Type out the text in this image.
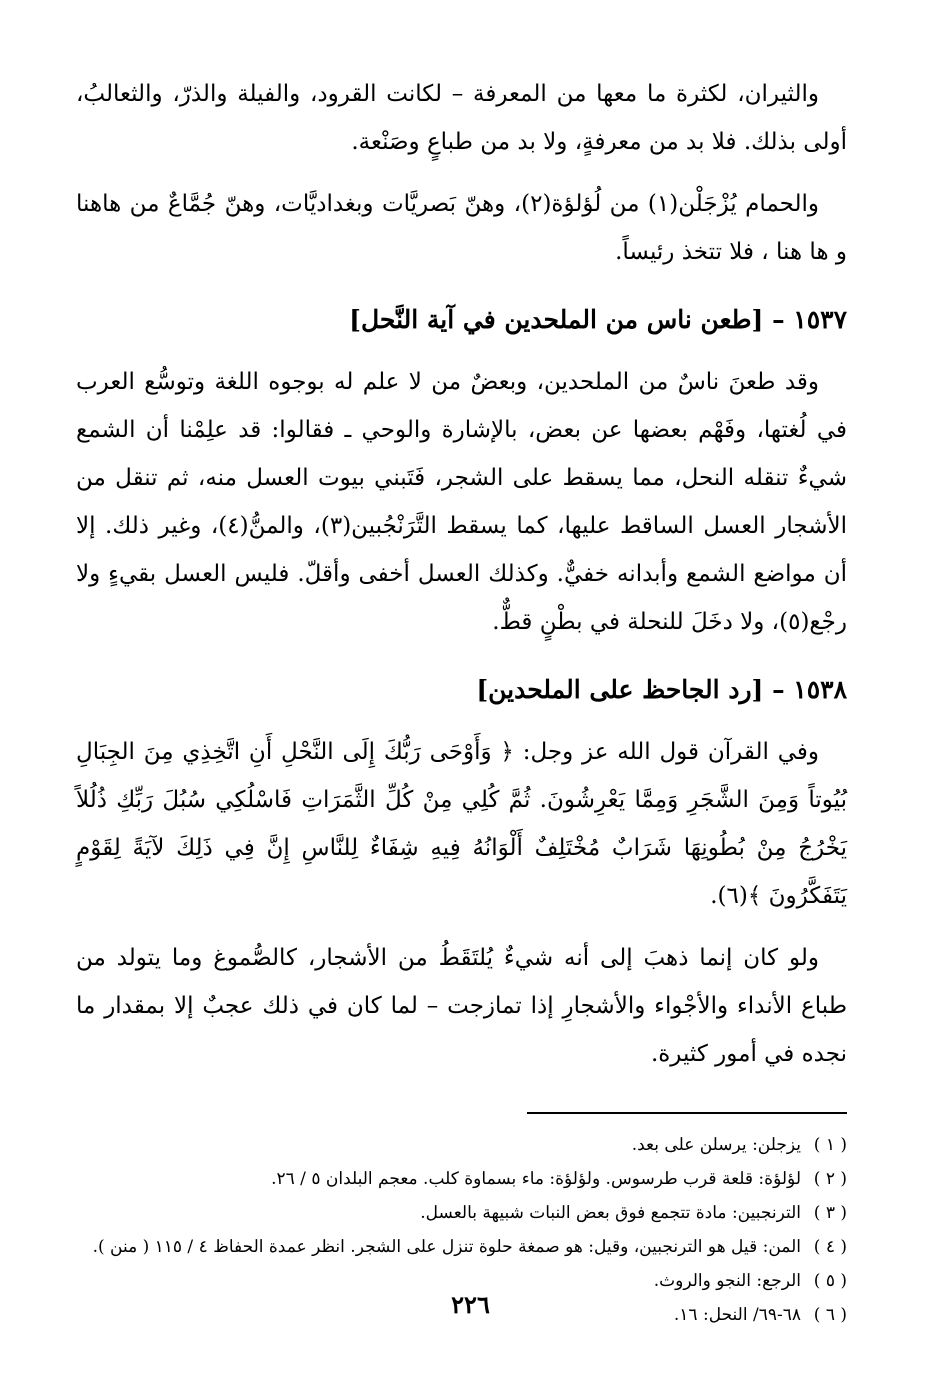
والثيران، لكثرة ما معها من المعرفة – لكانت القرود، والفيلة والذرّ، والثعالبُ، أولى بذلك. فلا بد من معرفةٍ، ولا بد من طباعٍ وصَنْعة.

والحمام يُزْجَلْن(١) من لُؤلؤة(٢)، وهنّ بَصريَّات وبغداديَّات، وهنّ جُمَّاعٌ من هاهنا و ها هنا ، فلا تتخذ رئيساً.

١٥٣٧ – [طعن ناس من الملحدين في آية النَّحل]

وقد طعنَ ناسٌ من الملحدين، وبعضٌ من لا علم له بوجوه اللغة وتوسُّع العرب في لُغتها، وفَهْم بعضها عن بعض، بالإشارة والوحي ـ فقالوا: قد علِمْنا أن الشمع شيءٌ تنقله النحل، مما يسقط على الشجر، فَتَبني بيوت العسل منه، ثم تنقل من الأشجار العسل الساقط عليها، كما يسقط التَّرَنْجُبين(٣)، والمنُّ(٤)، وغير ذلك. إلا أن مواضع الشمع وأبدانه خفيٌّ. وكذلك العسل أخفى وأقلّ. فليس العسل بقيءٍ ولا رجْع(٥)، ولا دخَلَ للنحلة في بطْنٍ قطٌّ.

١٥٣٨ – [رد الجاحظ على الملحدين]

وفي القرآن قول الله عز وجل: ﴿ وَأَوْحَى رَبُّكَ إِلَى النَّحْلِ أَنِ اتَّخِذِي مِنَ الجِبَالِ بُيُوتاً وَمِنَ الشَّجَرِ وَمِمَّا يَعْرِشُونَ. ثُمَّ كُلِي مِنْ كُلِّ الثَّمَرَاتِ فَاسْلُكِي سُبُلَ رَبِّكِ ذُلُلاً يَخْرُجُ مِنْ بُطُونِهَا شَرَابٌ مُخْتَلِفٌ أَلْوَانُهُ فِيهِ شِفَاءٌ لِلنَّاسِ إِنَّ فِي ذَلِكَ لآيَةً لِقَوْمٍ يَتَفَكَّرُونَ ﴾(٦).

ولو كان إنما ذهبَ إلى أنه شيءٌ يُلتَقَطُ من الأشجار، كالصُّموغ وما يتولد من طباع الأنداء والأجْواء والأشجارِ إذا تمازجت – لما كان في ذلك عجبٌ إلا بمقدار ما نجده في أمور كثيرة.

( ١ )
يزجلن: يرسلن على بعد.
( ٢ )
لؤلؤة: قلعة قرب طرسوس. ولؤلؤة: ماء بسماوة كلب. معجم البلدان ٥ / ٢٦.
( ٣ )
الترنجبين: مادة تتجمع فوق بعض النبات شبيهة بالعسل.
( ٤ )
المن: قيل هو الترنجبين، وقيل: هو صمغة حلوة تنزل على الشجر. انظر عمدة الحفاظ ٤ / ١١٥ ( منن ).
( ٥ )
الرجع: النجو والروث.
( ٦ )
٦٨-٦٩/ النحل: ١٦.
٢٢٦
